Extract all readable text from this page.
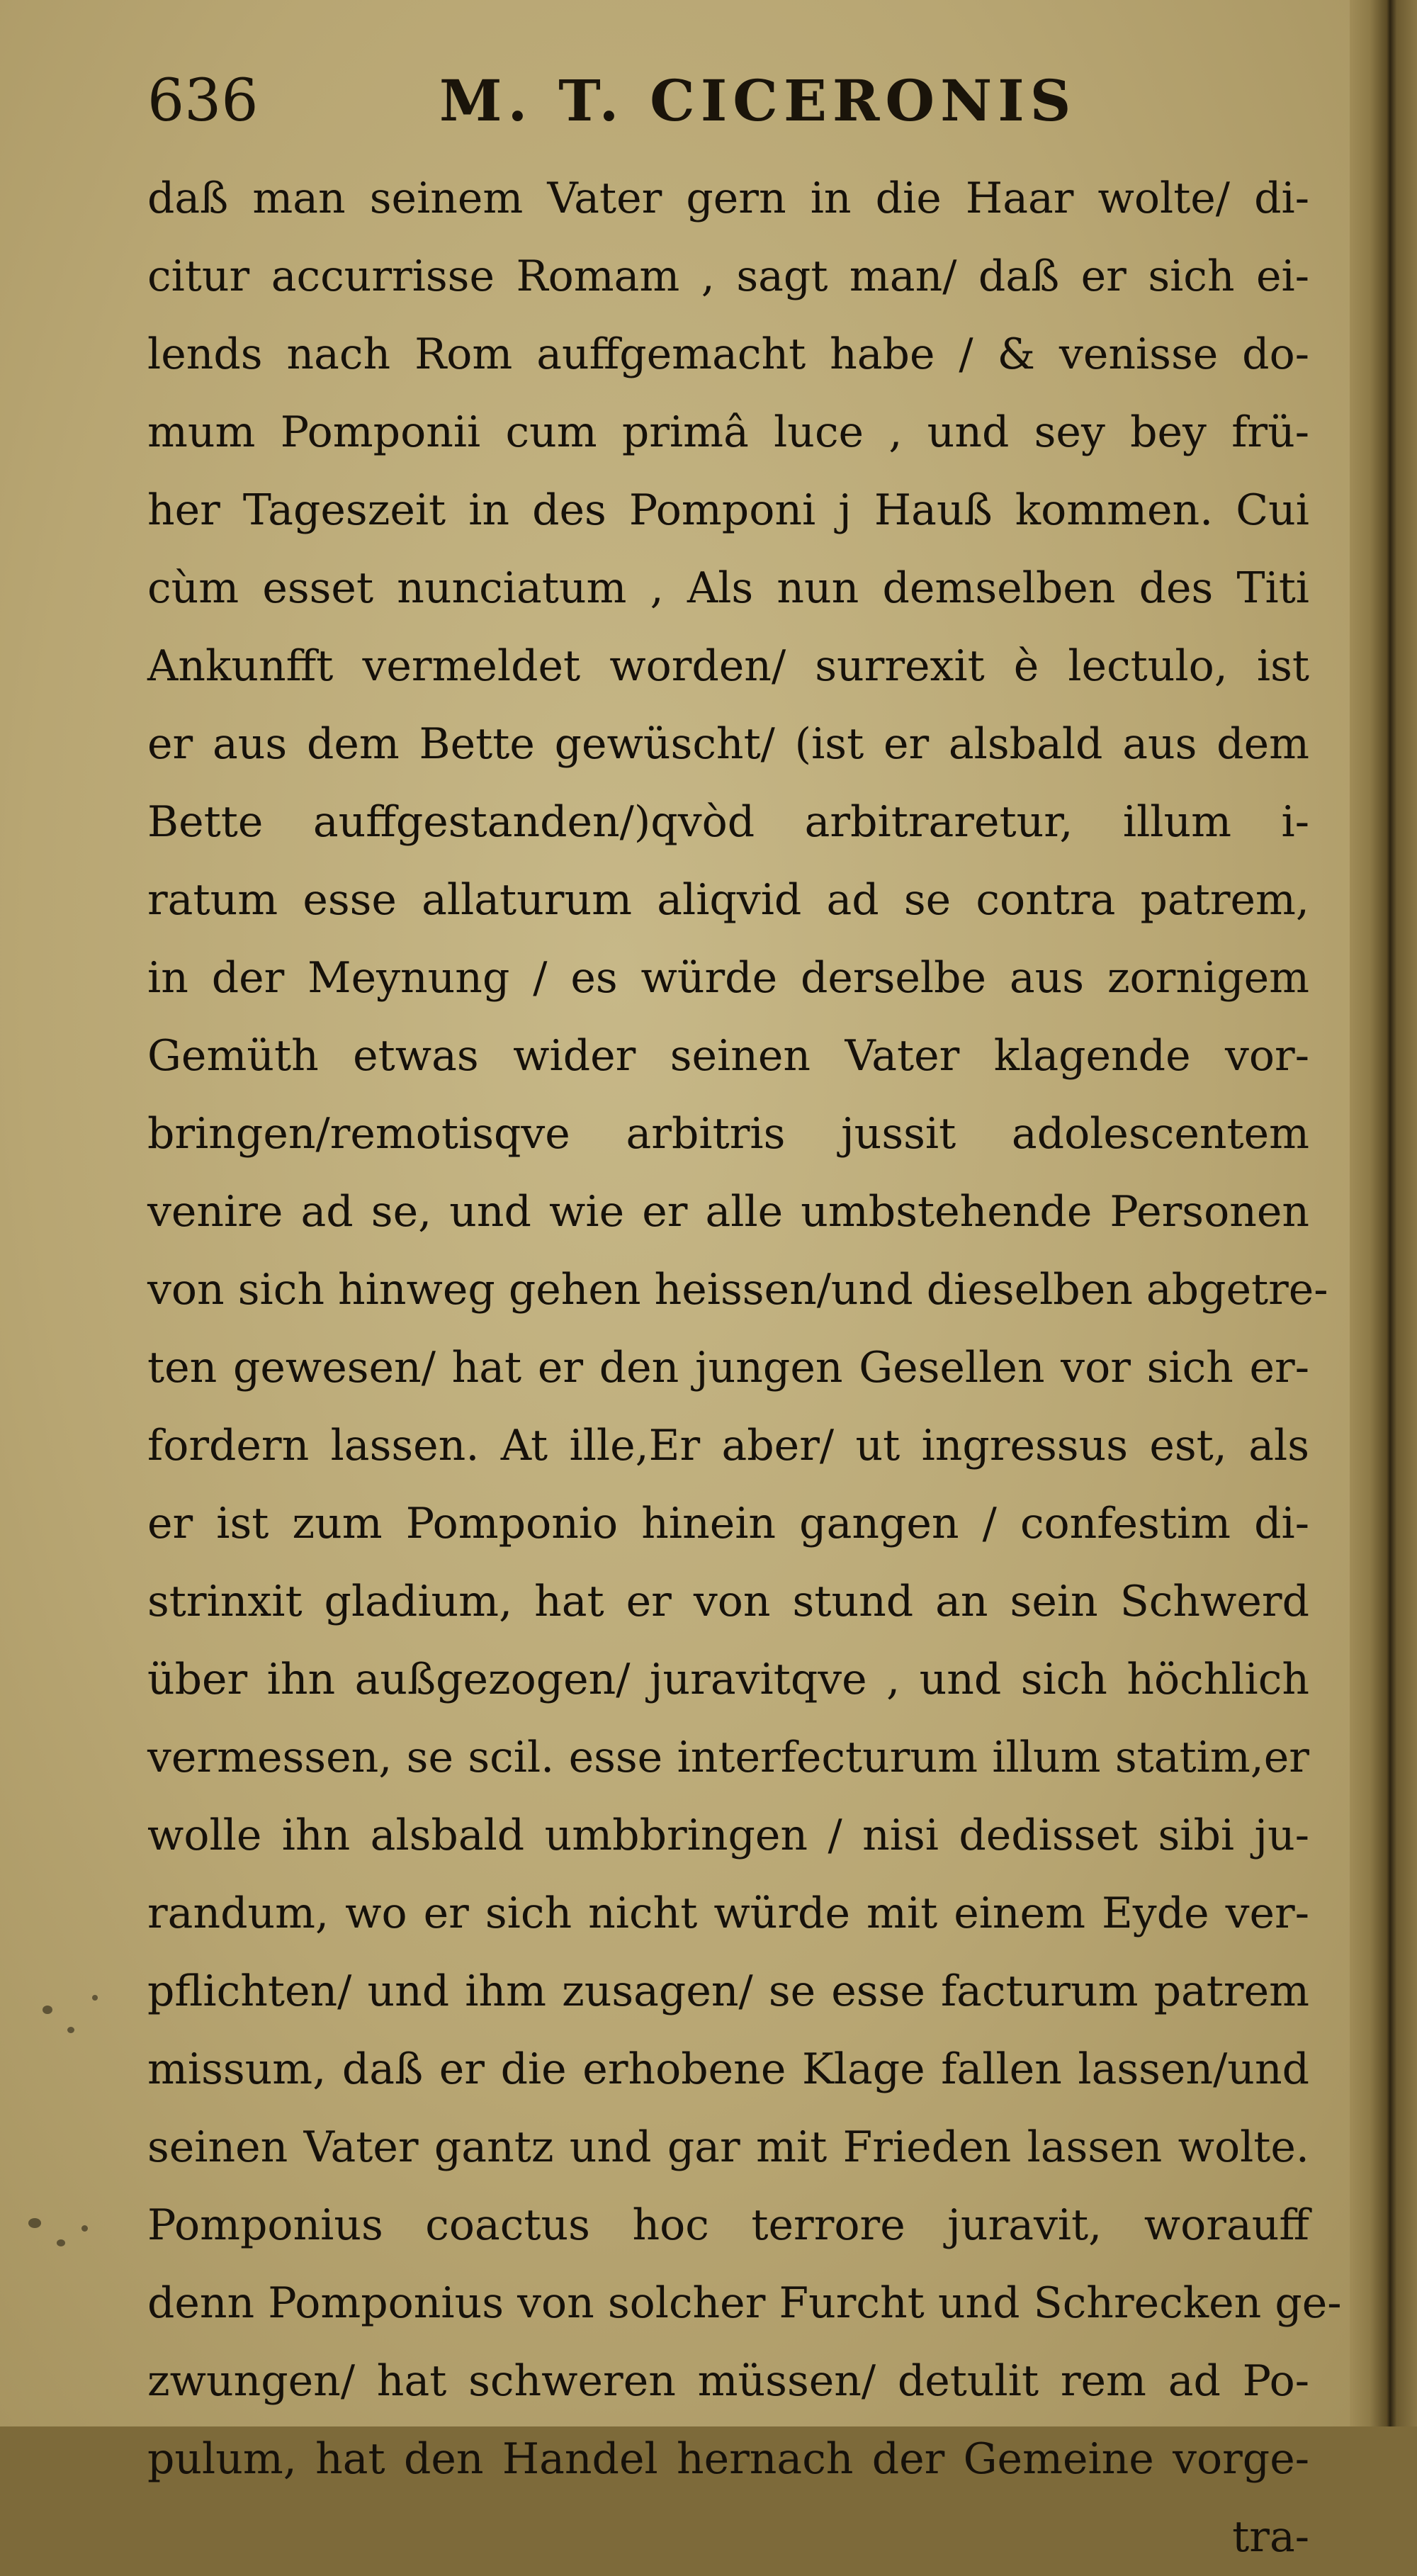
636	M. T. CICERONIS
daß man seinem Vater gern in die Haar wolte/ di-
citur accurrisse Romam , sagt man/ daß er sich ei-
lends nach Rom auffgemacht habe / & venisse do-
mum Pomponii cum primâ luce , und sey bey frü-
her Tageszeit in des Pomponi j Hauß kommen. Cui
cùm esset nunciatum , Als nun demselben des Titi
Ankunfft vermeldet worden/ surrexit è lectulo, ist
er aus dem Bette gewüscht/ (ist er alsbald aus dem
Bette auffgestanden/)qvòd arbitraretur, illum i-
ratum esse allaturum aliqvid ad se contra patrem,
in der Meynung / es würde derselbe aus zornigem
Gemüth etwas wider seinen Vater klagende vor-
bringen/remotisqve arbitris jussit adolescentem
venire ad se, und wie er alle umbstehende Personen
von sich hinweg gehen heissen/und dieselben abgetre-
ten gewesen/ hat er den jungen Gesellen vor sich er-
fordern lassen. At ille,Er aber/ ut ingressus est, als
er ist zum Pomponio hinein gangen / confestim di-
strinxit gladium, hat er von stund an sein Schwerd
über ihn außgezogen/ juravitqve , und sich höchlich
vermessen, se scil. esse interfecturum illum statim,er
wolle ihn alsbald umbbringen / nisi dedisset sibi ju-
randum, wo er sich nicht würde mit einem Eyde ver-
pflichten/ und ihm zusagen/ se esse facturum patrem
missum, daß er die erhobene Klage fallen lassen/und
seinen Vater gantz und gar mit Frieden lassen wolte.
Pomponius coactus hoc terrore juravit, worauff
denn Pomponius von solcher Furcht und Schrecken ge-
zwungen/ hat schweren müssen/ detulit rem ad Po-
pulum, hat den Handel hernach der Gemeine vorge-
tra-
